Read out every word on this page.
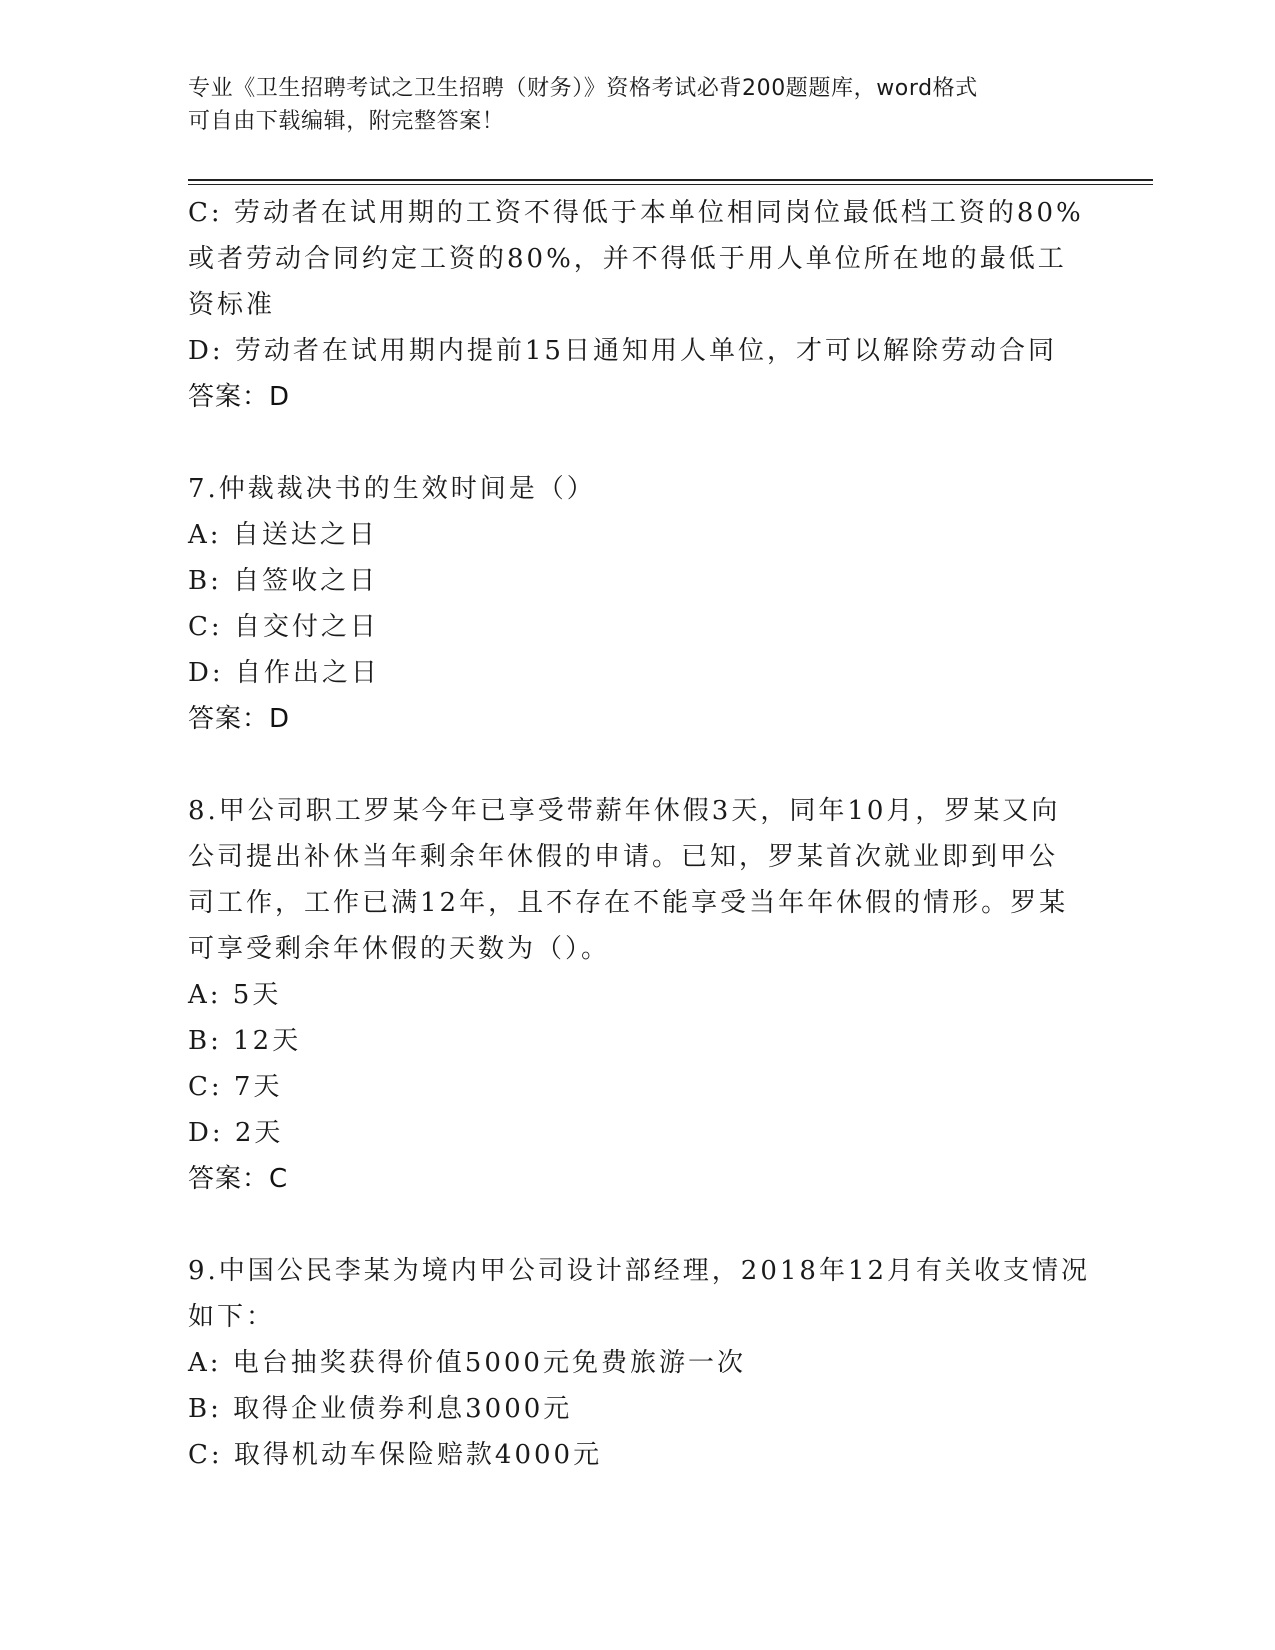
专业《卫生招聘考试之卫生招聘（财务）》资格考试必背200题题库，word格式
可自由下载编辑，附完整答案！
C: 劳动者在试用期的工资不得低于本单位相同岗位最低档工资的80%
或者劳动合同约定工资的80%，并不得低于用人单位所在地的最低工
资标准
D: 劳动者在试用期内提前15日通知用人单位，才可以解除劳动合同
答案：D
7.仲裁裁决书的生效时间是（）
A: 自送达之日
B: 自签收之日
C: 自交付之日
D: 自作出之日
答案：D
8.甲公司职工罗某今年已享受带薪年休假3天，同年10月，罗某又向
公司提出补休当年剩余年休假的申请。已知，罗某首次就业即到甲公
司工作，工作已满12年，且不存在不能享受当年年休假的情形。罗某
可享受剩余年休假的天数为（）。
A: 5天
B: 12天
C: 7天
D: 2天
答案：C
9.中国公民李某为境内甲公司设计部经理，2018年12月有关收支情况
如下：
A: 电台抽奖获得价值5000元免费旅游一次
B: 取得企业债券利息3000元
C: 取得机动车保险赔款4000元
